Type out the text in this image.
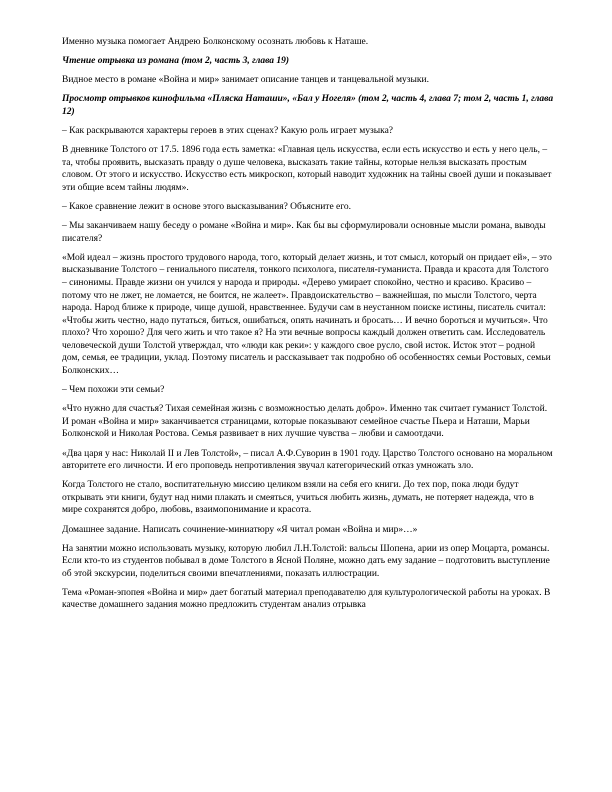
Именно музыка помогает Андрею Болконскому осознать любовь к Наташе.

Чтение отрывка из романа (том 2, часть 3, глава 19)

Видное место в романе «Война и мир» занимает описание танцев и танцевальной музыки.

Просмотр отрывков кинофильма «Пляска Наташи», «Бал у Ногеля» (том 2, часть 4, глава 7; том 2, часть 1, глава 12)

– Как раскрываются характеры героев в этих сценах? Какую роль играет музыка?

В дневнике Толстого от 17.5. 1896 года есть заметка: «Главная цель искусства, если есть искусство и есть у него цель, – та, чтобы проявить, высказать правду о душе человека, высказать такие тайны, которые нельзя высказать простым словом. От этого и искусство. Искусство есть микроскоп, который наводит художник на тайны своей души и показывает эти общие всем тайны людям».

– Какое сравнение лежит в основе этого высказывания? Объясните его.

– Мы заканчиваем нашу беседу о романе «Война и мир». Как бы вы сформулировали основные мысли романа, выводы писателя?

«Мой идеал – жизнь простого трудового народа, того, который делает жизнь, и тот смысл, который он придает ей», – это высказывание Толстого – гениального писателя, тонкого психолога, писателя-гуманиста. Правда и красота для Толстого – синонимы. Правде жизни он учился у народа и природы. «Дерево умирает спокойно, честно и красиво. Красиво – потому что не лжет, не ломается, не боится, не жалеет». Правдоискательство – важнейшая, по мысли Толстого, черта народа. Народ ближе к природе, чище душой, нравственнее. Будучи сам в неустанном поиске истины, писатель считал: «Чтобы жить честно, надо путаться, биться, ошибаться, опять начинать и бросать… И вечно бороться и мучиться». Что плохо? Что хорошо? Для чего жить и что такое я? На эти вечные вопросы каждый должен ответить сам. Исследователь человеческой души Толстой утверждал, что «люди как реки»: у каждого свое русло, свой исток. Исток этот – родной дом, семья, ее традиции, уклад. Поэтому писатель и рассказывает так подробно об особенностях семьи Ростовых, семьи Болконских…

– Чем похожи эти семьи?

«Что нужно для счастья? Тихая семейная жизнь с возможностью делать добро». Именно так считает гуманист Толстой. И роман «Война и мир» заканчивается страницами, которые показывают семейное счастье Пьера и Наташи, Марьи Болконской и Николая Ростова. Семья развивает в них лучшие чувства – любви и самоотдачи.

«Два царя у нас: Николай II и Лев Толстой», – писал А.Ф.Суворин в 1901 году. Царство Толстого основано на моральном авторитете его личности. И его проповедь непротивления звучал категорический отказ умножать зло.

Когда Толстого не стало, воспитательную миссию целиком взяли на себя его книги. До тех пор, пока люди будут открывать эти книги, будут над ними плакать и смеяться, учиться любить жизнь, думать, не потеряет надежда, что в мире сохранятся добро, любовь, взаимопонимание и красота.

Домашнее задание. Написать сочинение-миниатюру «Я читал роман «Война и мир»…»

На занятии можно использовать музыку, которую любил Л.Н.Толстой: вальсы Шопена, арии из опер Моцарта, романсы. Если кто-то из студентов побывал в доме Толстого в Ясной Поляне, можно дать ему задание – подготовить выступление об этой экскурсии, поделиться своими впечатлениями, показать иллюстрации.

Тема «Роман-эпопея «Война и мир» дает богатый материал преподавателю для культурологической работы на уроках. В качестве домашнего задания можно предложить студентам анализ отрывка
